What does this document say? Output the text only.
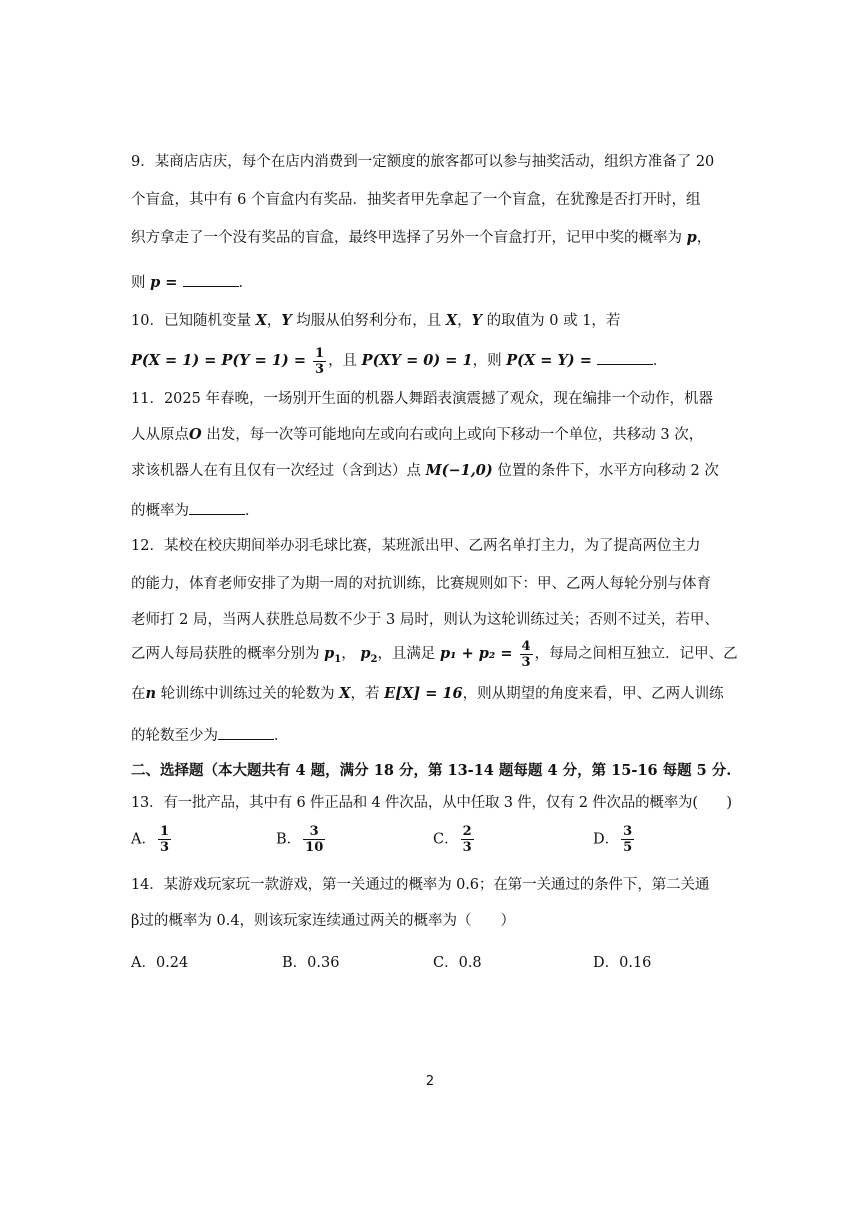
9．某商店店庆，每个在店内消费到一定额度的旅客都可以参与抽奖活动，组织方准备了 20
个盲盒，其中有 6 个盲盒内有奖品．抽奖者甲先拿起了一个盲盒，在犹豫是否打开时，组
织方拿走了一个没有奖品的盲盒，最终甲选择了另外一个盲盒打开，记甲中奖的概率为 p，
则 p =	．
10．已知随机变量 X，Y 均服从伯努利分布，且 X，Y 的取值为 0 或 1，若
$P(X = 1) = P(Y = 1) = \frac{1}{3}$ ，且 P(XY = 0) = 1，则 P(X = Y) =	．
11．2025 年春晚，一场别开生面的机器人舞蹈表演震撼了观众，现在编排一个动作，机器
人从原点O 出发，每一次等可能地向左或向右或向上或向下移动一个单位，共移动 3 次，
求该机器人在有且仅有一次经过（含到达）点 M(−1,0) 位置的条件下，水平方向移动 2 次
的概率为	．
12．某校在校庆期间举办羽毛球比赛，某班派出甲、乙两名单打主力，为了提高两位主力
的能力，体育老师安排了为期一周的对抗训练，比赛规则如下：甲、乙两人每轮分别与体育
老师打 2 局，当两人获胜总局数不少于 3 局时，则认为这轮训练过关；否则不过关，若甲、
乙两人每局获胜的概率分别为 $p_1$， $p_2$，且满足 $p_1 + p_2 = \frac{4}{3}$ ，每局之间相互独立．记甲、乙
在n 轮训练中训练过关的轮数为 X，若 E[X] = 16，则从期望的角度来看，甲、乙两人训练
的轮数至少为	．
二、选择题（本大题共有 4 题，满分 18 分，第 13-14 题每题 4 分，第 15-16 每题 5 分.
13．有一批产品，其中有 6 件正品和 4 件次品，从中任取 3 件，仅有 2 件次品的概率为(　　)
A． $\frac{1}{3}$	B． $\frac{3}{10}$	C． $\frac{2}{3}$	D． $\frac{3}{5}$
14．某游戏玩家玩一款游戏，第一关通过的概率为 0.6；在第一关通过的条件下，第二关通
β过的概率为 0.4，则该玩家连续通过两关的概率为（　　）
A．0.24	B．0.36	C．0.8	D．0.16
2
